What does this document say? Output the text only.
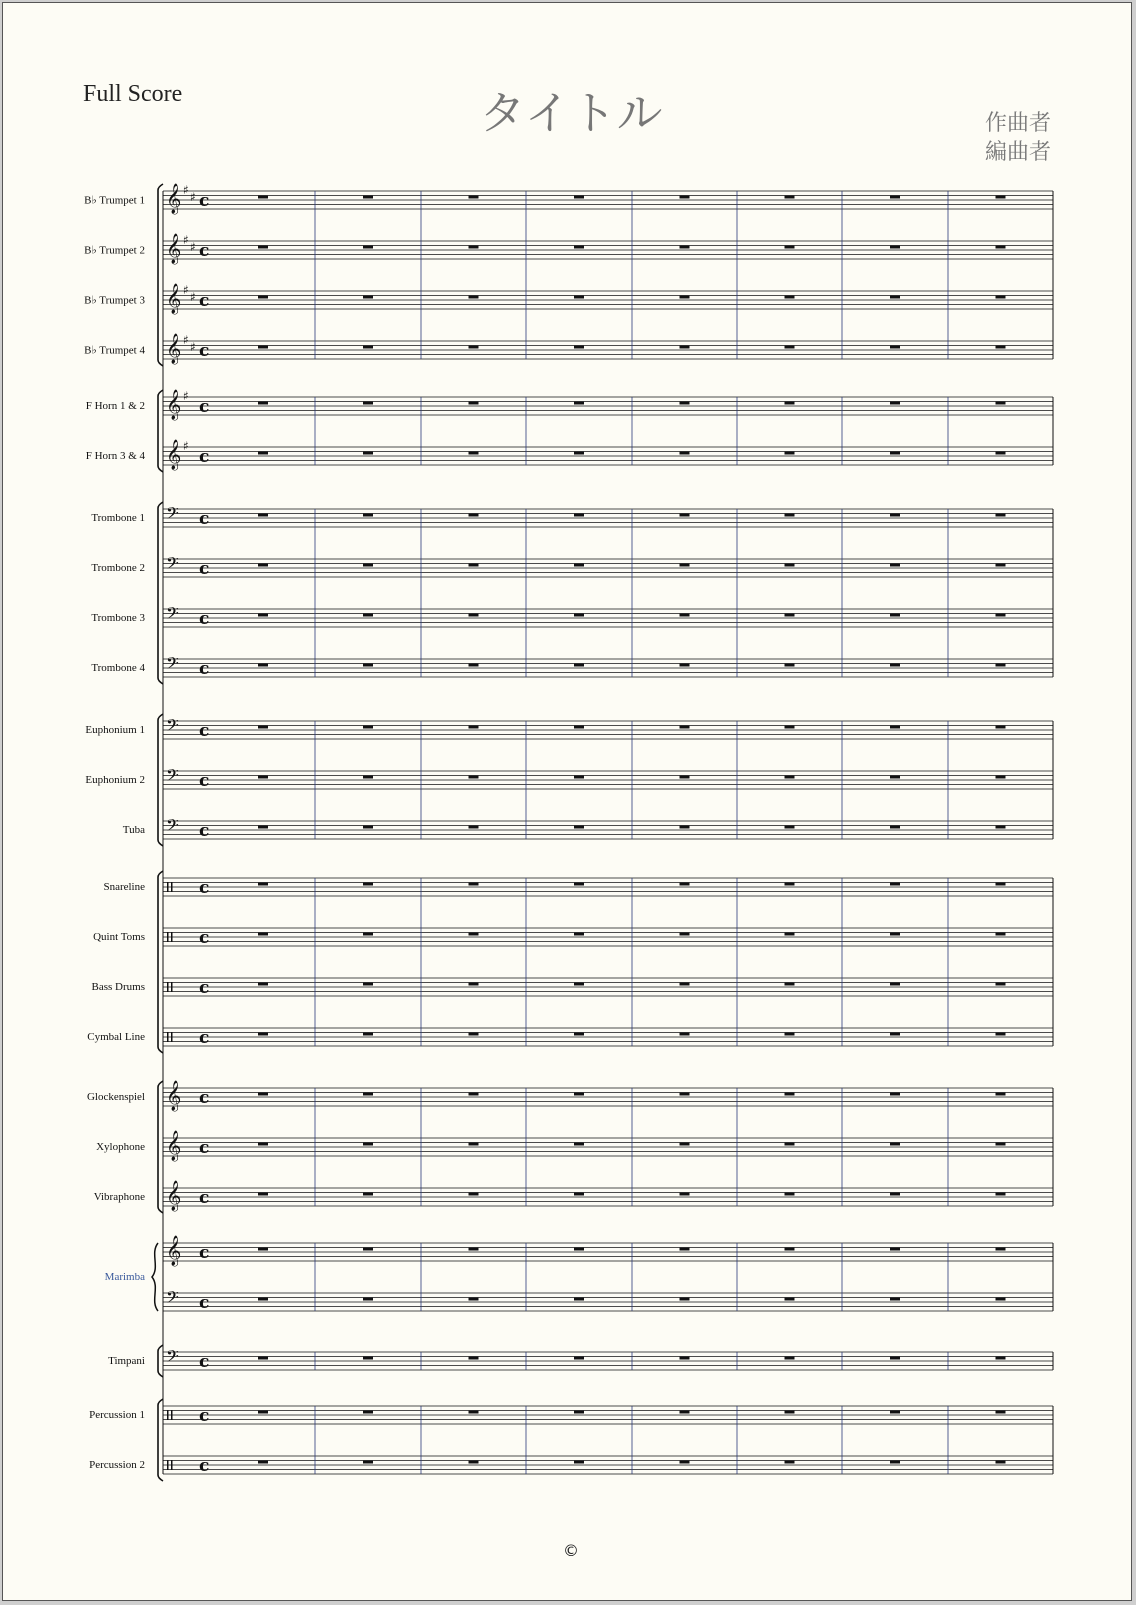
Full Score	タイトル	作曲者
編曲者
B♭ Trumpet 1
B♭ Trumpet 2
B♭ Trumpet 3
B♭ Trumpet 4
F Horn 1 & 2
F Horn 3 & 4
Trombone 1
Trombone 2
Trombone 3
Trombone 4
Euphonium 1
Euphonium 2
Tuba
Snareline
Quint Toms
Bass Drums
Cymbal Line
Glockenspiel
Xylophone
Vibraphone
Marimba
Timpani
Percussion 1
Percussion 2
𝄞 ♯ ♯ c
𝄞 ♯ ♯ c
𝄞 ♯ ♯ c
𝄞 ♯ ♯ c
𝄞 ♯
c
𝄞 ♯
c
𝄢 c
𝄢 c
𝄢 c
𝄢 c
𝄢 c
𝄢 c
𝄢 c
c
c
c
c
𝄞 c
𝄞 c
𝄞 c
𝄞 c
𝄢 c
𝄢 c
c
c
©
